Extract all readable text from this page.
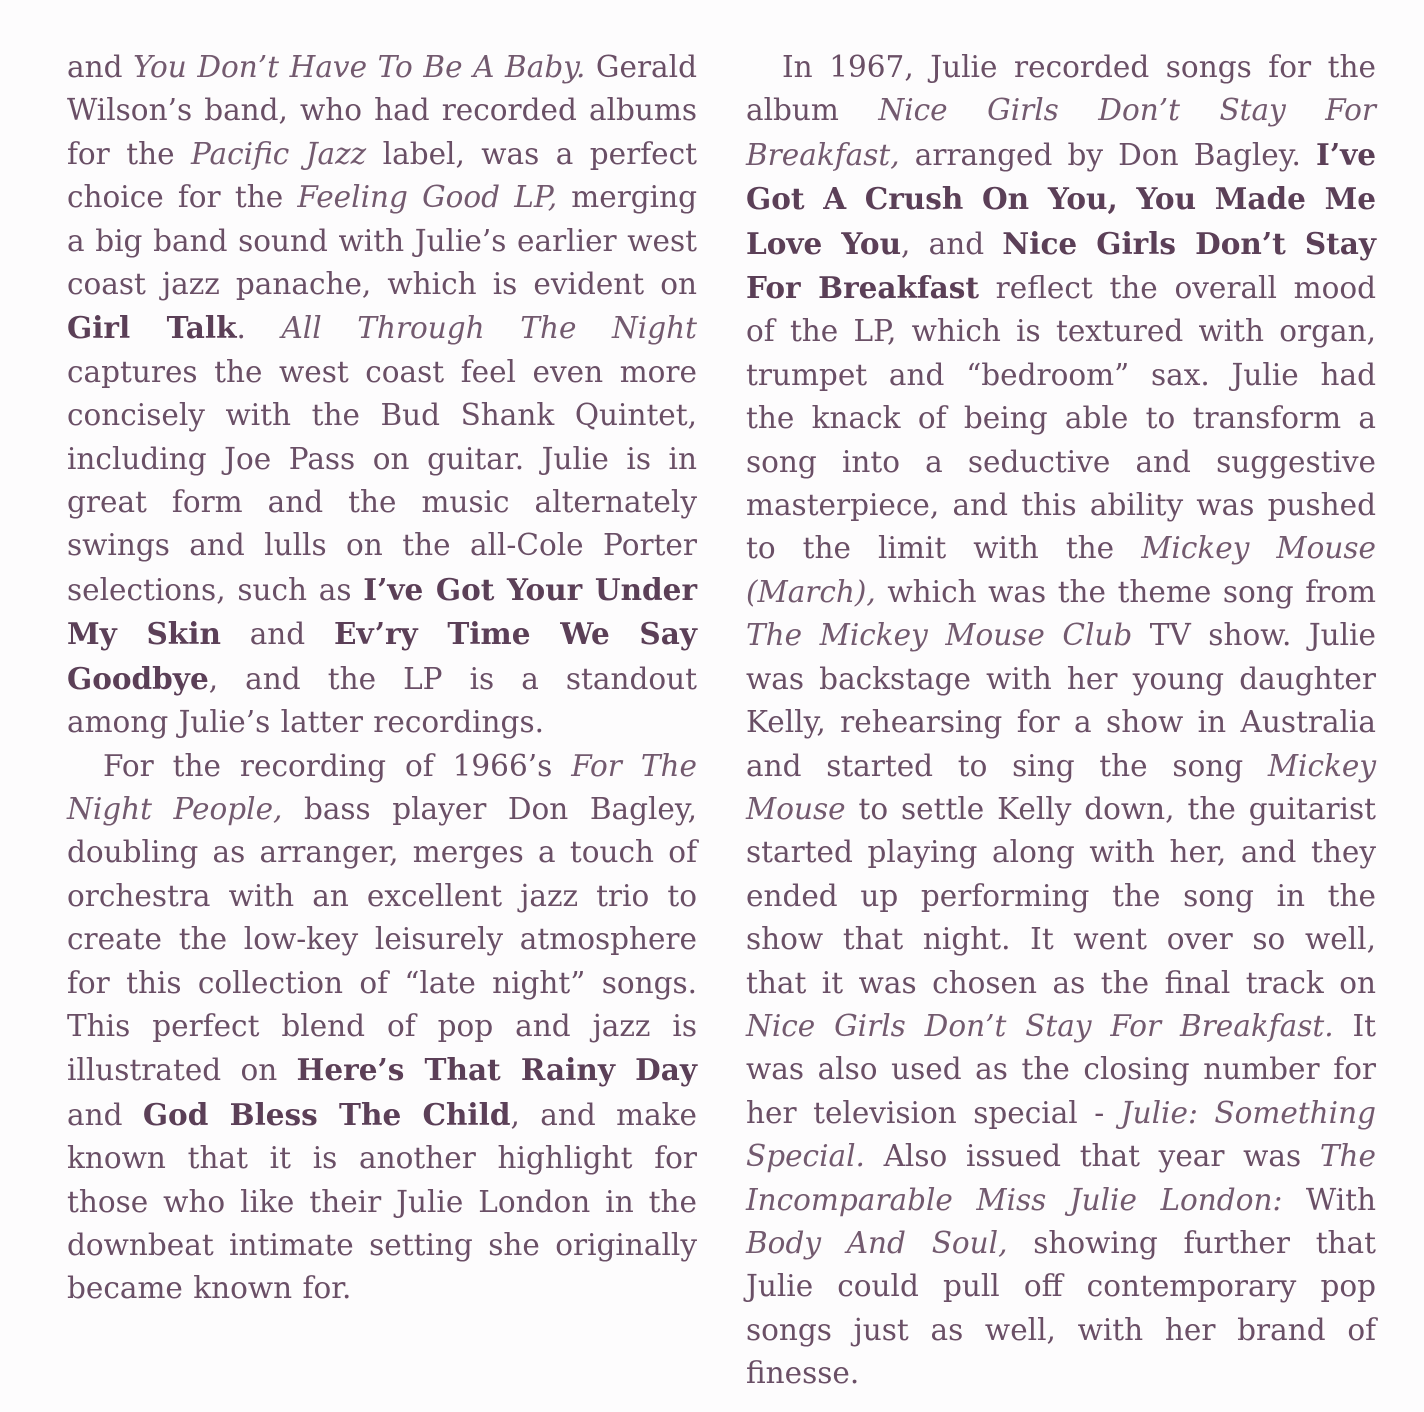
and You Don’t Have To Be A Baby. Gerald Wilson’s band, who had recorded albums for the Pacific Jazz label, was a perfect choice for the Feeling Good LP, merging a big band sound with Julie’s earlier west coast jazz panache, which is evident on Girl Talk. All Through The Night captures the west coast feel even more concisely with the Bud Shank Quintet, including Joe Pass on guitar. Julie is in great form and the music alternately swings and lulls on the all-Cole Porter selections, such as I’ve Got Your Under My Skin and Ev’ry Time We Say Goodbye, and the LP is a standout among Julie’s latter recordings.

For the recording of 1966’s For The Night People, bass player Don Bagley, doubling as arranger, merges a touch of orchestra with an excellent jazz trio to create the low-key leisurely atmosphere for this collection of “late night” songs. This perfect blend of pop and jazz is illustrated on Here’s That Rainy Day and God Bless The Child, and make known that it is another highlight for those who like their Julie London in the downbeat intimate setting she originally became known for.

In 1967, Julie recorded songs for the album Nice Girls Don’t Stay For Breakfast, arranged by Don Bagley. I’ve Got A Crush On You, You Made Me Love You, and Nice Girls Don’t Stay For Breakfast reflect the overall mood of the LP, which is textured with organ, trumpet and “bedroom” sax. Julie had the knack of being able to transform a song into a seductive and suggestive masterpiece, and this ability was pushed to the limit with the Mickey Mouse (March), which was the theme song from The Mickey Mouse Club TV show. Julie was backstage with her young daughter Kelly, rehearsing for a show in Australia and started to sing the song Mickey Mouse to settle Kelly down, the guitarist started playing along with her, and they ended up performing the song in the show that night. It went over so well, that it was chosen as the final track on Nice Girls Don’t Stay For Breakfast. It was also used as the closing number for her television special - Julie: Something Special. Also issued that year was The Incomparable Miss Julie London: With Body And Soul, showing further that Julie could pull off contemporary pop songs just as well, with her brand of finesse.
